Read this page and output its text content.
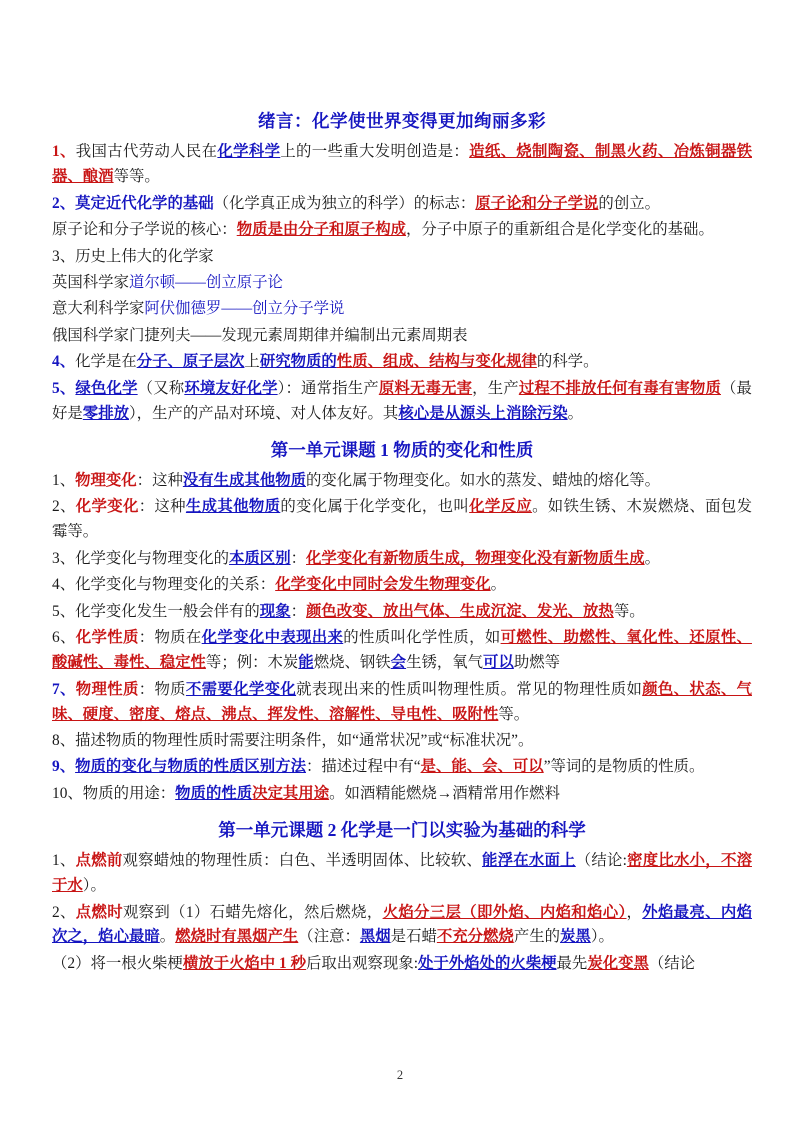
绪言：化学使世界变得更加绚丽多彩

1、我国古代劳动人民在化学科学上的一些重大发明创造是：造纸、烧制陶瓷、制黑火药、冶炼铜器铁器、酿酒等等。

2、莫定近代化学的基础（化学真正成为独立的科学）的标志：原子论和分子学说的创立。

原子论和分子学说的核心：物质是由分子和原子构成，分子中原子的重新组合是化学变化的基础。

3、历史上伟大的化学家

英国科学家道尔顿——创立原子论

意大利科学家阿伏伽德罗——创立分子学说

俄国科学家门捷列夫——发现元素周期律并编制出元素周期表

4、化学是在分子、原子层次上研究物质的性质、组成、结构与变化规律的科学。

5、绿色化学（又称环境友好化学）：通常指生产原料无毒无害，生产过程不排放任何有毒有害物质（最好是零排放），生产的产品对环境、对人体友好。其核心是从源头上消除污染。

第一单元课题 1 物质的变化和性质

1、物理变化：这种没有生成其他物质的变化属于物理变化。如水的蒸发、蜡烛的熔化等。

2、化学变化：这种生成其他物质的变化属于化学变化，也叫化学反应。如铁生锈、木炭燃烧、面包发霉等。

3、化学变化与物理变化的本质区别：化学变化有新物质生成，物理变化没有新物质生成。

4、化学变化与物理变化的关系：化学变化中同时会发生物理变化。

5、化学变化发生一般会伴有的现象：颜色改变、放出气体、生成沉淀、发光、放热等。

6、化学性质：物质在化学变化中表现出来的性质叫化学性质，如可燃性、助燃性、氧化性、还原性、酸碱性、毒性、稳定性等；例：木炭能燃烧、钢铁会生锈，氧气可以助燃等

7、物理性质：物质不需要化学变化就表现出来的性质叫物理性质。常见的物理性质如颜色、状态、气味、硬度、密度、熔点、沸点、挥发性、溶解性、导电性、吸附性等。

8、描述物质的物理性质时需要注明条件，如“通常状况”或“标准状况”。

9、物质的变化与物质的性质区别方法：描述过程中有“是、能、会、可以”等词的是物质的性质。

10、物质的用途：物质的性质决定其用途。如酒精能燃烧→酒精常用作燃料

第一单元课题 2 化学是一门以实验为基础的科学

1、点燃前观察蜡烛的物理性质：白色、半透明固体、比较软、能浮在水面上（结论:密度比水小，不溶于水）。

2、点燃时观察到（1）石蜡先熔化，然后燃烧，火焰分三层（即外焰、内焰和焰心），外焰最亮、内焰次之，焰心最暗。燃烧时有黑烟产生（注意：黑烟是石蜡不充分燃烧产生的炭黑）。

（2）将一根火柴梗横放于火焰中 1 秒后取出观察现象:处于外焰处的火柴梗最先炭化变黑（结论

2
